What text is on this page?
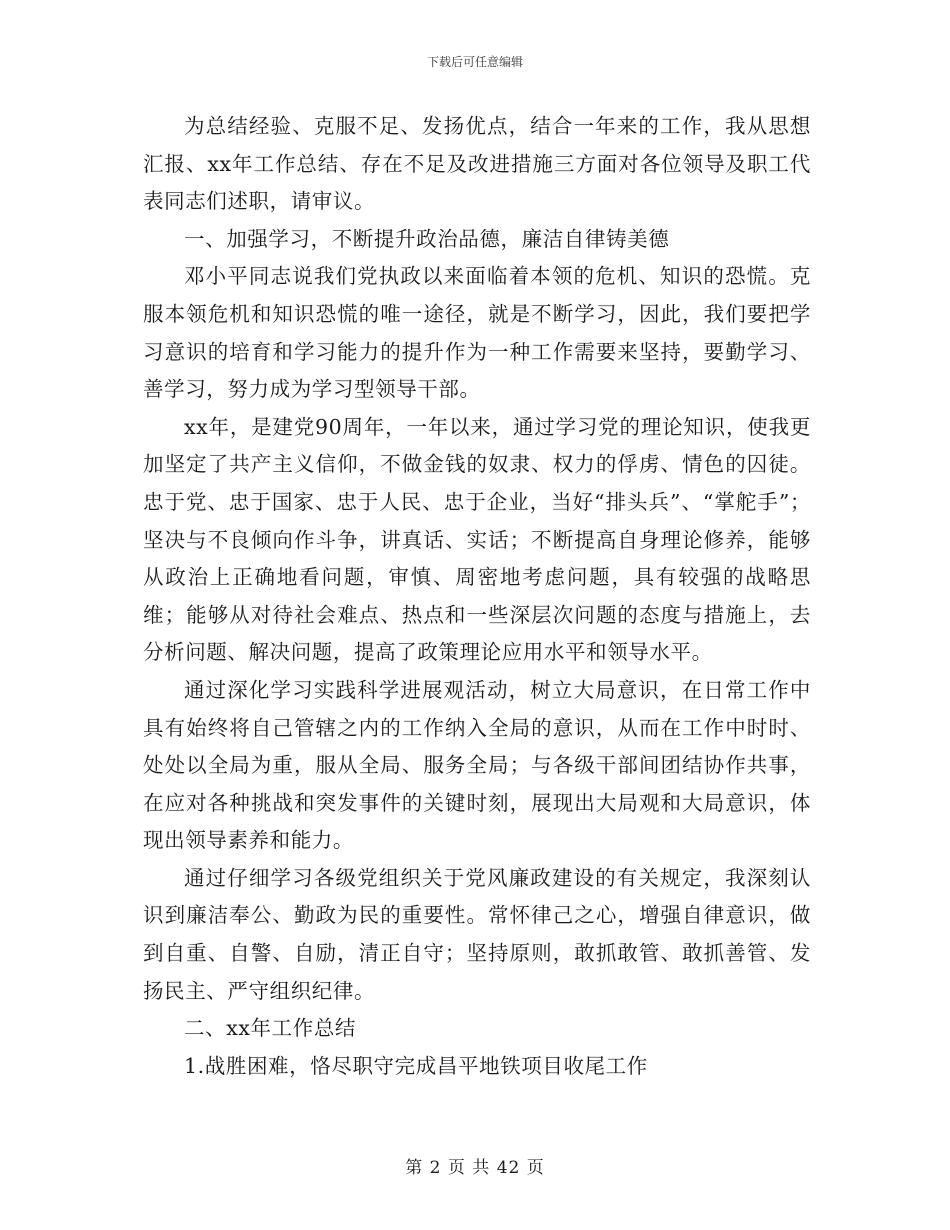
下载后可任意编辑

为总结经验、克服不足、发扬优点，结合一年来的工作，我从思想汇报、xx年工作总结、存在不足及改进措施三方面对各位领导及职工代表同志们述职，请审议。

一、加强学习，不断提升政治品德，廉洁自律铸美德

邓小平同志说我们党执政以来面临着本领的危机、知识的恐慌。克服本领危机和知识恐慌的唯一途径，就是不断学习，因此，我们要把学习意识的培育和学习能力的提升作为一种工作需要来坚持，要勤学习、善学习，努力成为学习型领导干部。

xx年，是建党90周年，一年以来，通过学习党的理论知识，使我更加坚定了共产主义信仰，不做金钱的奴隶、权力的俘虏、情色的囚徒。忠于党、忠于国家、忠于人民、忠于企业，当好“排头兵”、“掌舵手”；坚决与不良倾向作斗争，讲真话、实话；不断提高自身理论修养，能够从政治上正确地看问题，审慎、周密地考虑问题，具有较强的战略思维；能够从对待社会难点、热点和一些深层次问题的态度与措施上，去分析问题、解决问题，提高了政策理论应用水平和领导水平。

通过深化学习实践科学进展观活动，树立大局意识，在日常工作中具有始终将自己管辖之内的工作纳入全局的意识，从而在工作中时时、处处以全局为重，服从全局、服务全局；与各级干部间团结协作共事，在应对各种挑战和突发事件的关键时刻，展现出大局观和大局意识，体现出领导素养和能力。

通过仔细学习各级党组织关于党风廉政建设的有关规定，我深刻认识到廉洁奉公、勤政为民的重要性。常怀律己之心，增强自律意识，做到自重、自警、自励，清正自守；坚持原则，敢抓敢管、敢抓善管、发扬民主、严守组织纪律。

二、xx年工作总结

1.战胜困难，恪尽职守完成昌平地铁项目收尾工作

第 2 页 共 42 页
